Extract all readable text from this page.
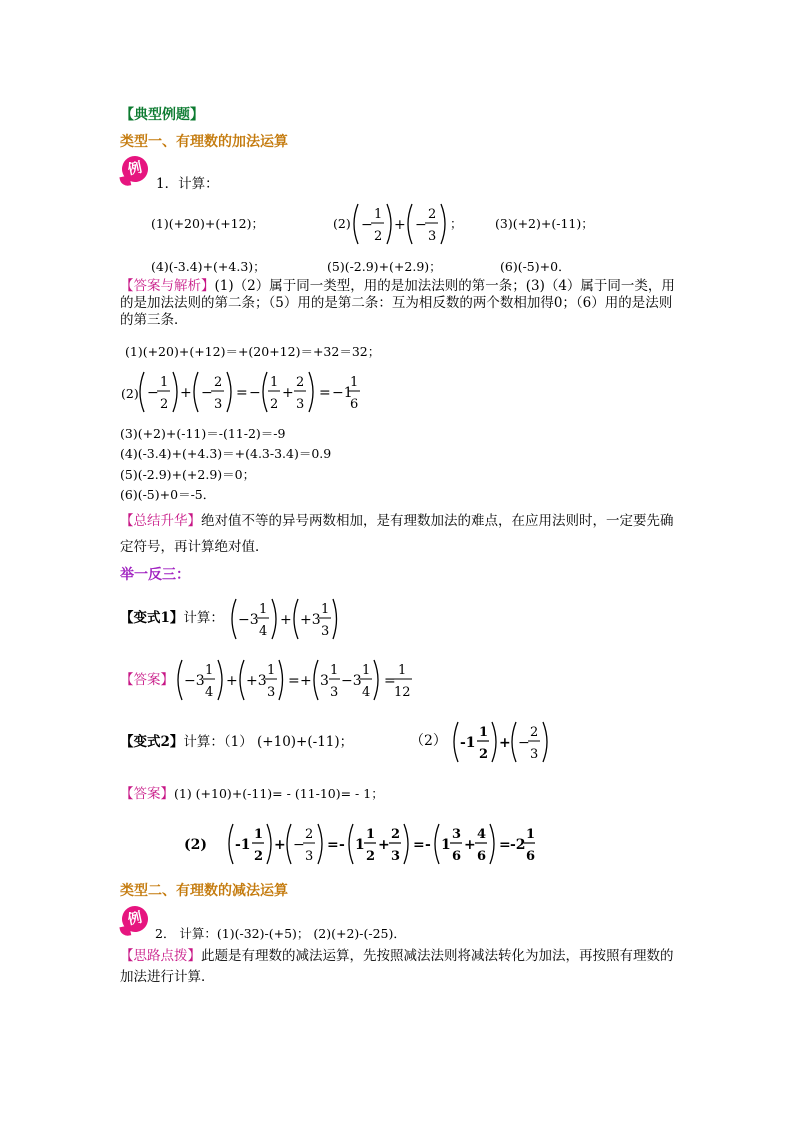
【典型例题】
类型一、有理数的加法运算
例
1．计算：
(1)(+20)+(+12)；	(2) −
1
2
+ −
2
3
；	(3)(+2)+(-11)；
(4)(-3.4)+(+4.3)；	(5)(-2.9)+(+2.9)；	(6)(-5)+0．
【答案与解析】(1)（2）属于同一类型，用的是加法法则的第一条；(3)（4）属于同一类，用的是加法法则的第二条；（5）用的是第二条：互为相反数的两个数相加得0；（6）用的是法则的第三条．
(1)(+20)+(+12)＝+(20+12)＝+32＝32；
(2) −
1
2
+ −
2
3
= −
1
2
+
2
3
= −1
1
6
(3)(+2)+(-11)＝-(11-2)＝-9
(4)(-3.4)+(+4.3)＝+(4.3-3.4)＝0.9
(5)(-2.9)+(+2.9)＝0；
(6)(-5)+0＝-5．
【总结升华】绝对值不等的异号两数相加，是有理数加法的难点，在应用法则时，一定要先确定符号，再计算绝对值．
举一反三：
【变式1】计算： −3
1
4
+ +3
1
3
【答案】 −3
1
4
+ +3
1
3
= + 3
1
3
−3
1
4
=
1
12
【变式2】计算：（1） (+10)+(-11)；	（2） -1
1
2
+ −
2
3
【答案】(1) (+10)+(-11)= - (11-10)= - 1；
(2) -1
1
2
+ −
2
3
= - 1
1
2
+
2
3
= - 1
3
6
+
4
6
= -2
1
6
类型二、有理数的减法运算
例
2． 计算：(1)(-32)-(+5)； (2)(+2)-(-25)．
【思路点拨】此题是有理数的减法运算，先按照减法法则将减法转化为加法，再按照有理数的加法进行计算．
